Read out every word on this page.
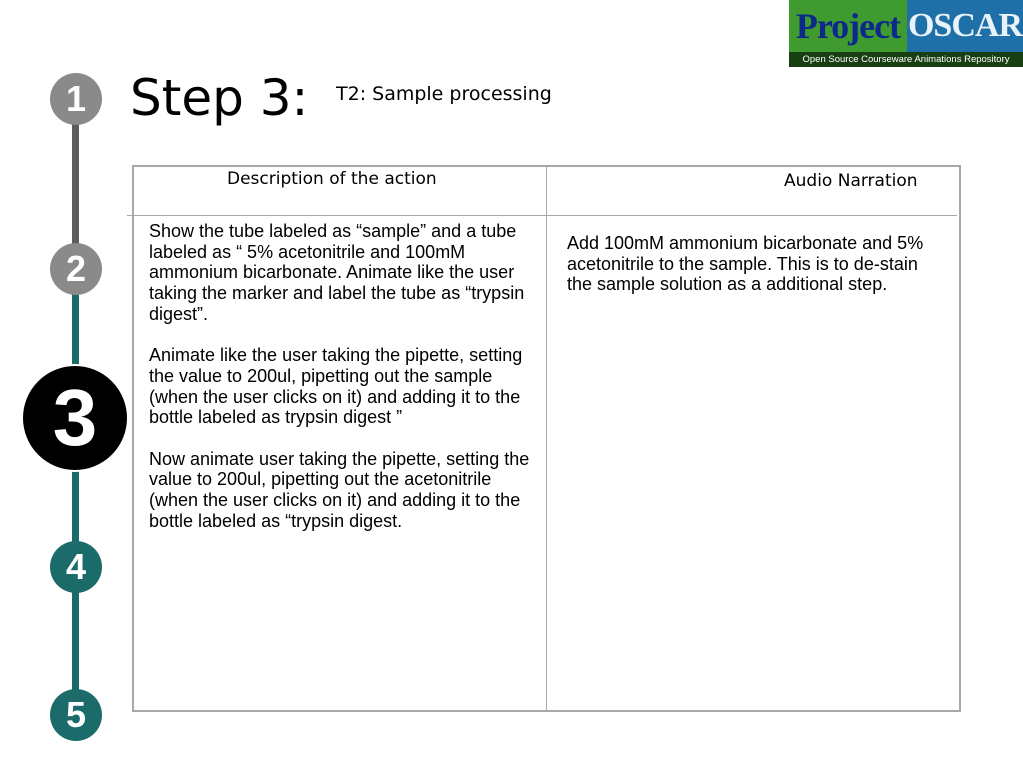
Project OSCAR
Open Source Courseware Animations Repository
1
2
3
4
5
Step 3: T2: Sample processing
Description of the action	Audio Narration

Show the tube labeled as “sample” and a tube labeled as “ 5% acetonitrile and 100mM ammonium bicarbonate. Animate like the user taking the marker and label the tube as “trypsin digest”.

Animate like the user taking the pipette, setting the value to 200ul, pipetting out the sample (when the user clicks on it) and adding it to the bottle labeled as trypsin digest ”

Now animate user taking the pipette, setting the value to 200ul, pipetting out the acetonitrile (when the user clicks on it) and adding it to the bottle labeled as “trypsin digest.

Add 100mM ammonium bicarbonate and 5% acetonitrile to the sample. This is to de-stain the sample solution as a additional step.
